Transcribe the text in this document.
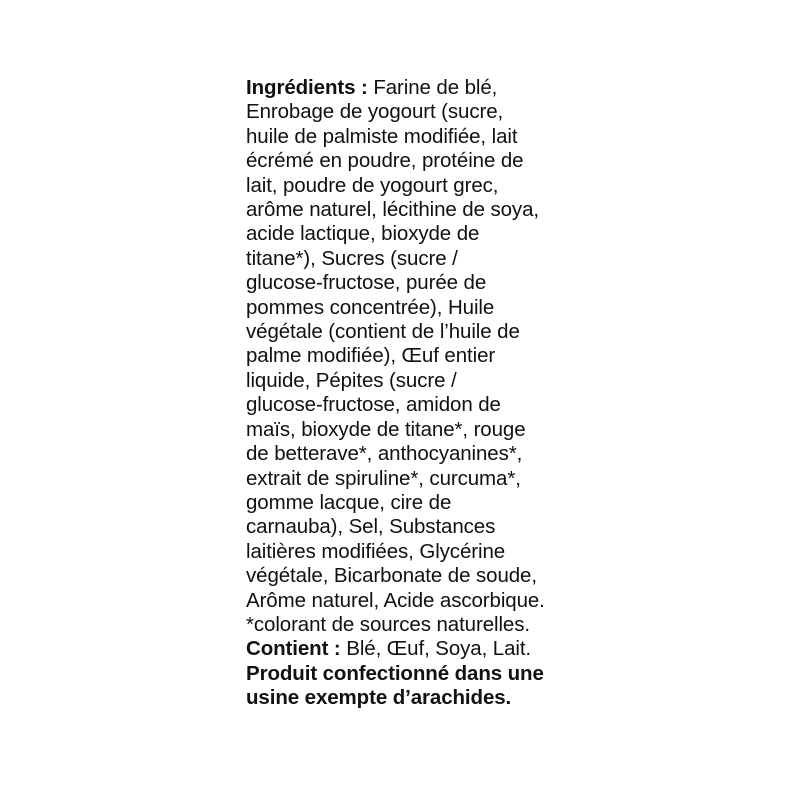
Ingrédients : Farine de blé,
Enrobage de yogourt (sucre,
huile de palmiste modifiée, lait
écrémé en poudre, protéine de
lait, poudre de yogourt grec,
arôme naturel, lécithine de soya,
acide lactique, bioxyde de
titane*), Sucres (sucre /
glucose-fructose, purée de
pommes concentrée), Huile
végétale (contient de l’huile de
palme modifiée), Œuf entier
liquide, Pépites (sucre /
glucose-fructose, amidon de
maïs, bioxyde de titane*, rouge
de betterave*, anthocyanines*,
extrait de spiruline*, curcuma*,
gomme lacque, cire de
carnauba), Sel, Substances
laitières modifiées, Glycérine
végétale, Bicarbonate de soude,
Arôme naturel, Acide ascorbique.
*colorant de sources naturelles.
Contient : Blé, Œuf, Soya, Lait.
Produit confectionné dans une
usine exempte d’arachides.
